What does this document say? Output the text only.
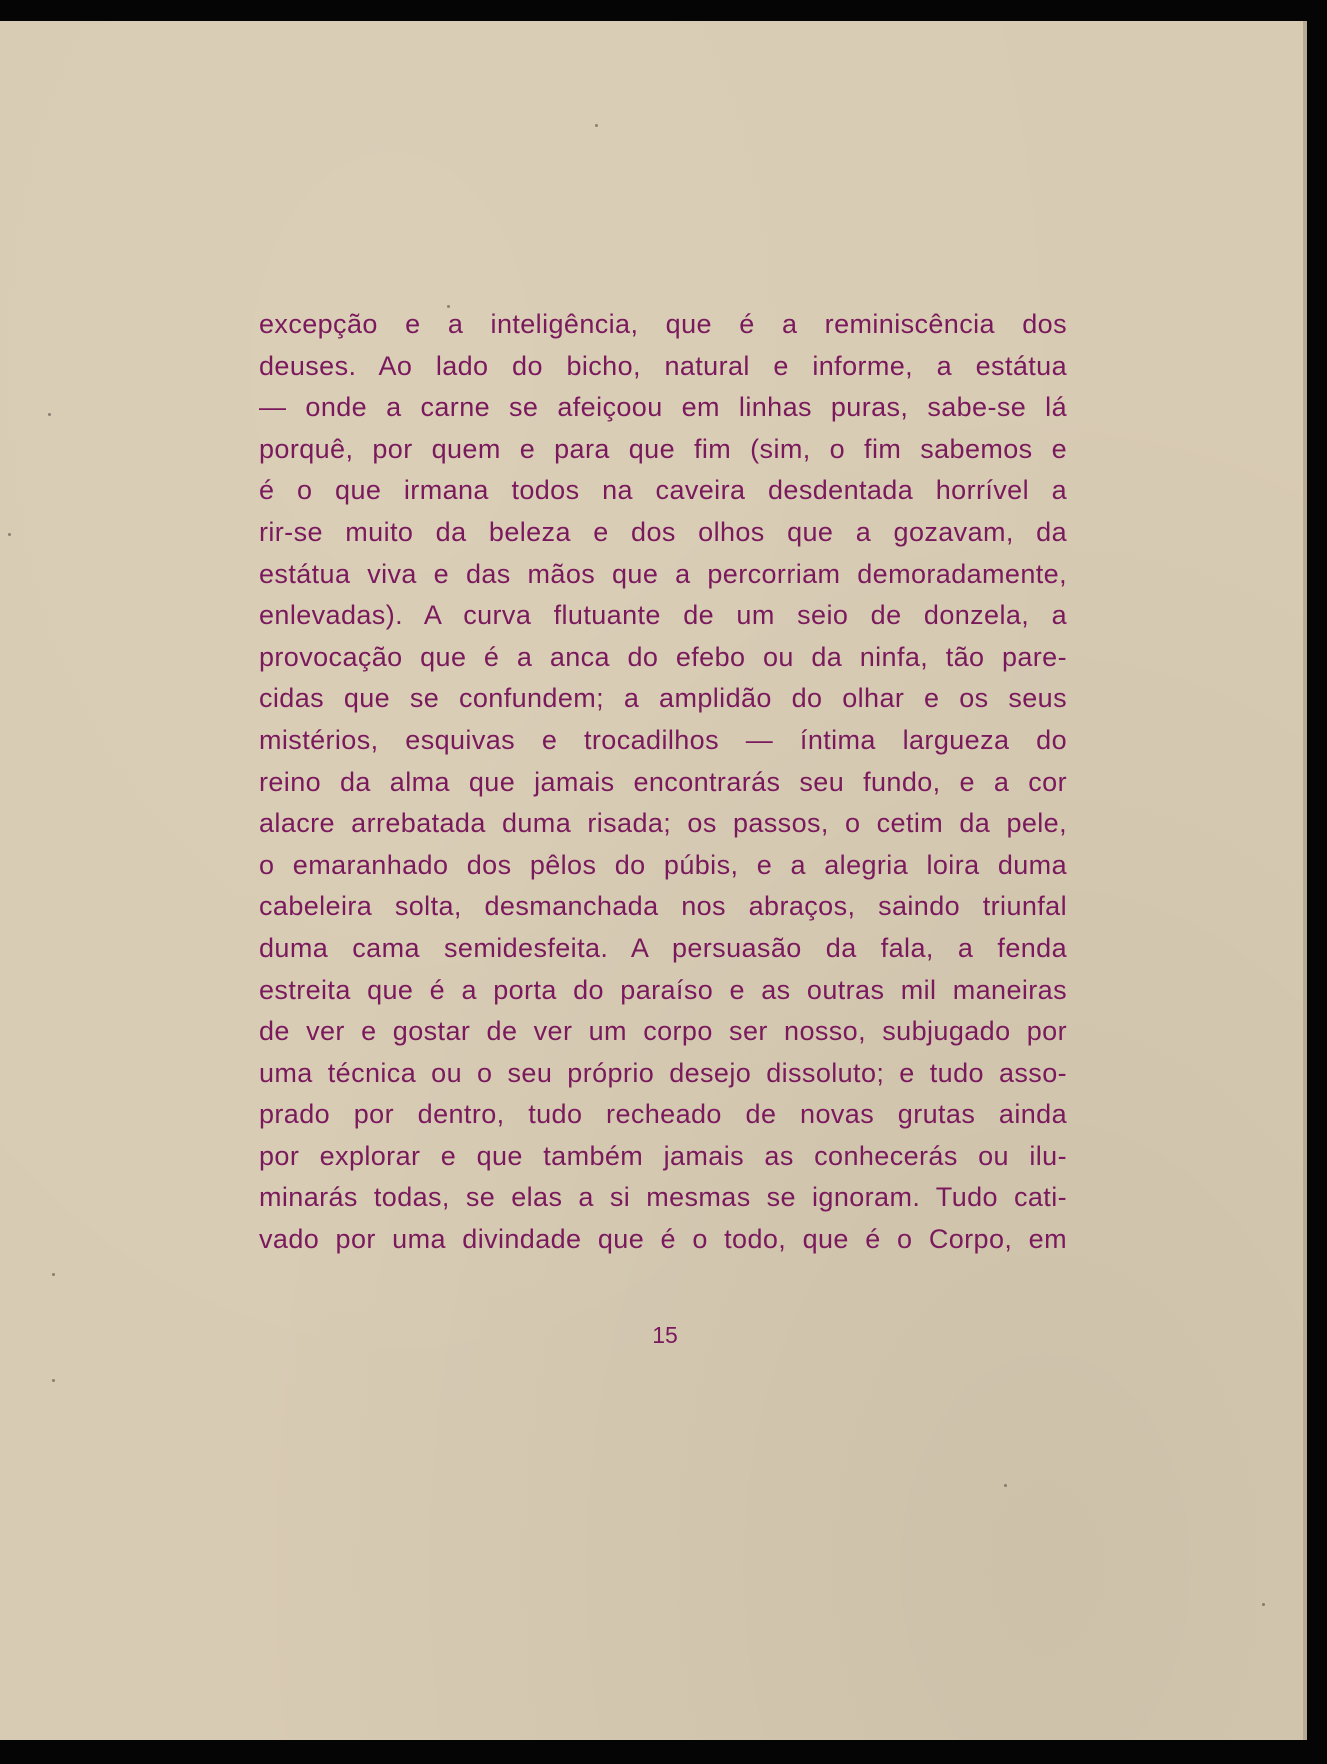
excepção e a inteligência, que é a reminiscência dos
deuses. Ao lado do bicho, natural e informe, a estátua
— onde a carne se afeiçoou em linhas puras, sabe-se lá
porquê, por quem e para que fim (sim, o fim sabemos e
é o que irmana todos na caveira desdentada horrível a
rir-se muito da beleza e dos olhos que a gozavam, da
estátua viva e das mãos que a percorriam demoradamente,
enlevadas). A curva flutuante de um seio de donzela, a
provocação que é a anca do efebo ou da ninfa, tão pare-
cidas que se confundem; a amplidão do olhar e os seus
mistérios, esquivas e trocadilhos — íntima largueza do
reino da alma que jamais encontrarás seu fundo, e a cor
alacre arrebatada duma risada; os passos, o cetim da pele,
o emaranhado dos pêlos do púbis, e a alegria loira duma
cabeleira solta, desmanchada nos abraços, saindo triunfal
duma cama semidesfeita. A persuasão da fala, a fenda
estreita que é a porta do paraíso e as outras mil maneiras
de ver e gostar de ver um corpo ser nosso, subjugado por
uma técnica ou o seu próprio desejo dissoluto; e tudo asso-
prado por dentro, tudo recheado de novas grutas ainda
por explorar e que também jamais as conhecerás ou ilu-
minarás todas, se elas a si mesmas se ignoram. Tudo cati-
vado por uma divindade que é o todo, que é o Corpo, em
15
